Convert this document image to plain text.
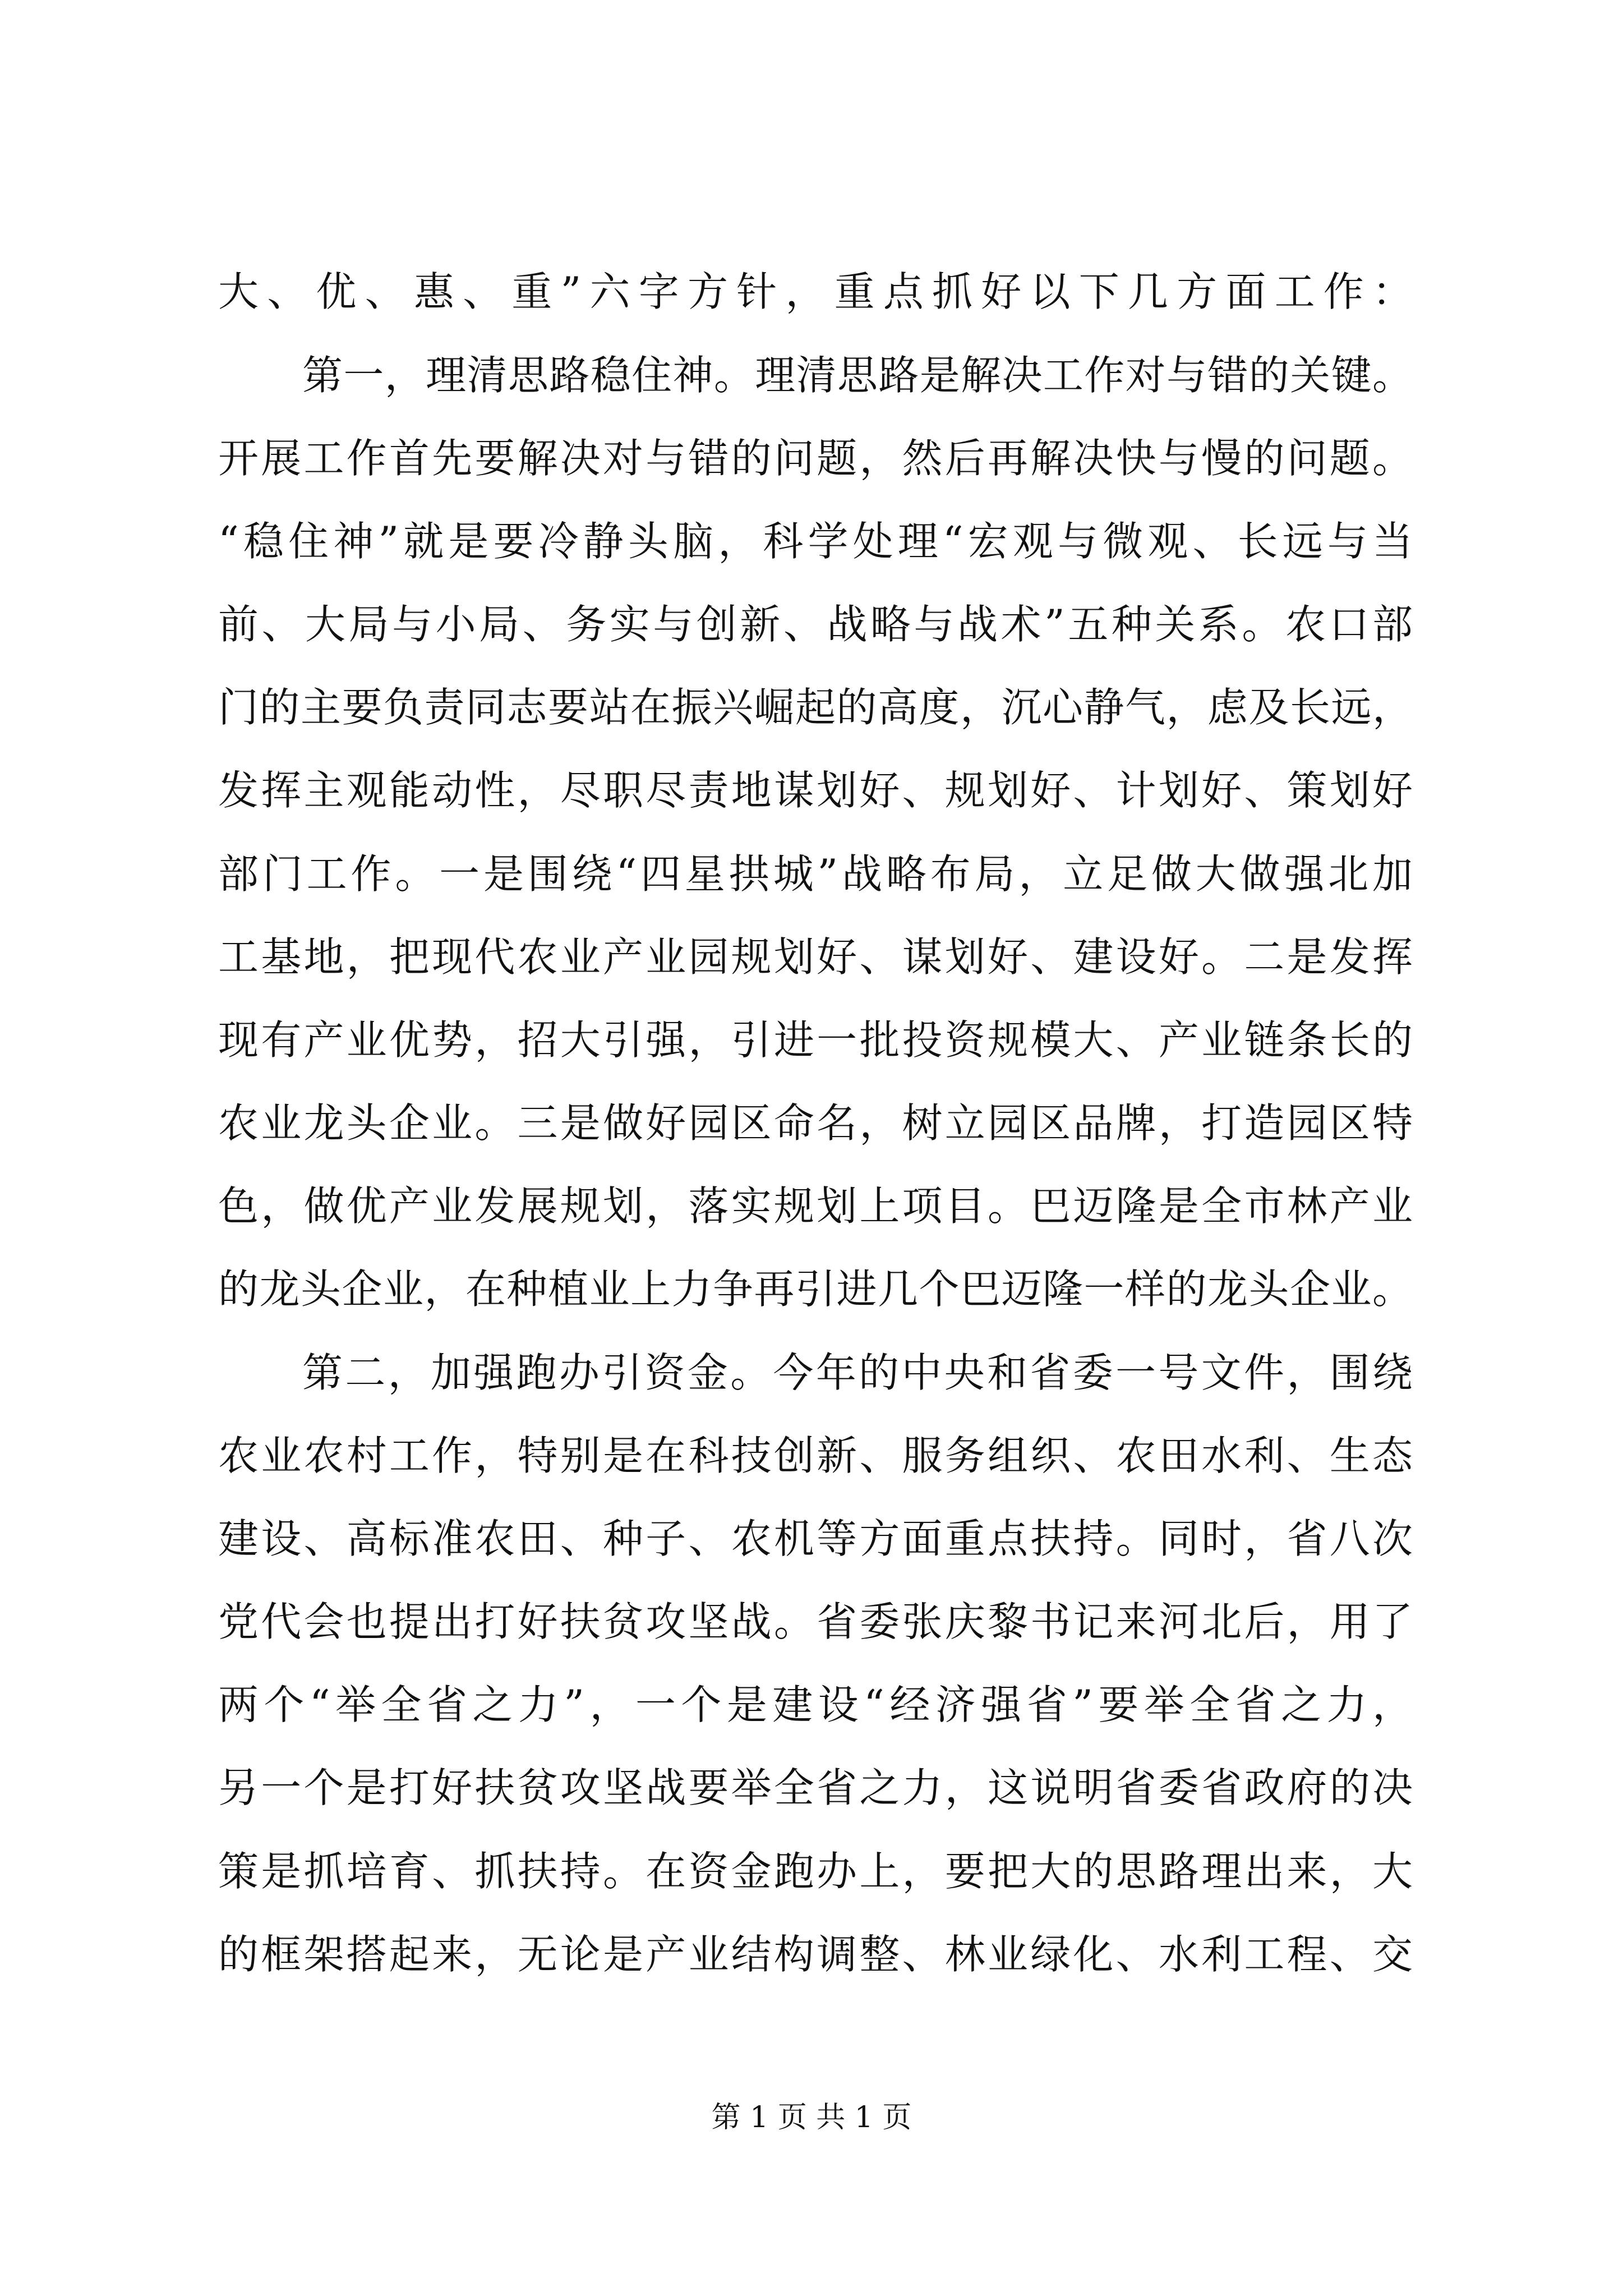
大、优、惠、重”六字方针，重点抓好以下几方面工作：
第一，理清思路稳住神。理清思路是解决工作对与错的关键。
开展工作首先要解决对与错的问题，然后再解决快与慢的问题。
“稳住神”就是要冷静头脑，科学处理“宏观与微观、长远与当
前、大局与小局、务实与创新、战略与战术”五种关系。农口部
门的主要负责同志要站在振兴崛起的高度，沉心静气，虑及长远，
发挥主观能动性，尽职尽责地谋划好、规划好、计划好、策划好
部门工作。一是围绕“四星拱城”战略布局，立足做大做强北加
工基地，把现代农业产业园规划好、谋划好、建设好。二是发挥
现有产业优势，招大引强，引进一批投资规模大、产业链条长的
农业龙头企业。三是做好园区命名，树立园区品牌，打造园区特
色，做优产业发展规划，落实规划上项目。巴迈隆是全市林产业
的龙头企业，在种植业上力争再引进几个巴迈隆一样的龙头企业。
第二，加强跑办引资金。今年的中央和省委一号文件，围绕
农业农村工作，特别是在科技创新、服务组织、农田水利、生态
建设、高标准农田、种子、农机等方面重点扶持。同时，省八次
党代会也提出打好扶贫攻坚战。省委张庆黎书记来河北后，用了
两个“举全省之力”，一个是建设“经济强省”要举全省之力，
另一个是打好扶贫攻坚战要举全省之力，这说明省委省政府的决
策是抓培育、抓扶持。在资金跑办上，要把大的思路理出来，大
的框架搭起来，无论是产业结构调整、林业绿化、水利工程、交
第 1 页 共 1 页
